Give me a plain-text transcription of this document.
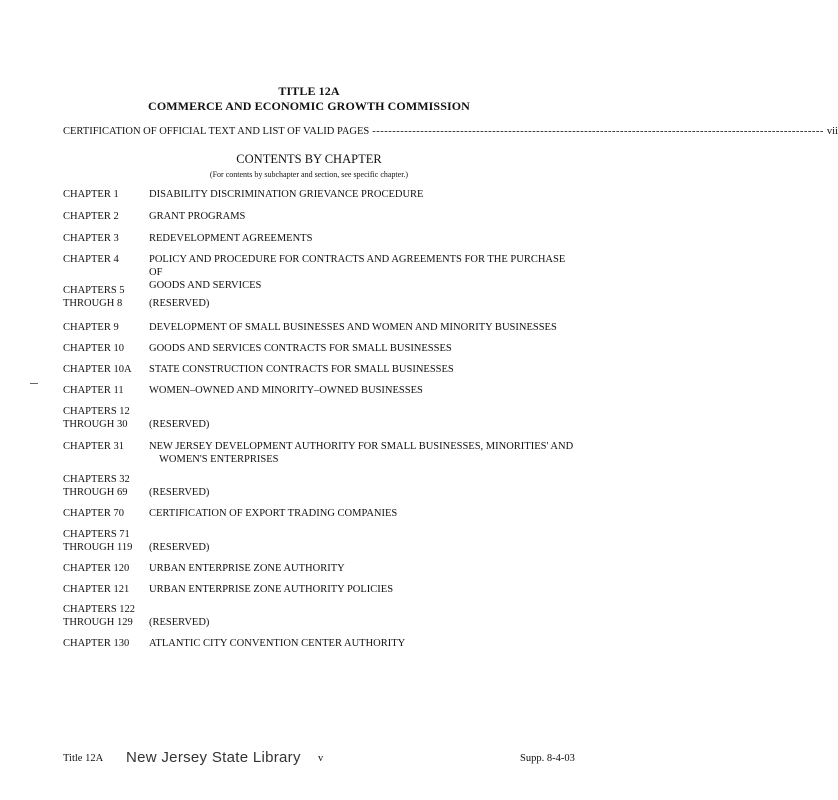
TITLE 12A
COMMERCE AND ECONOMIC GROWTH COMMISSION
CERTIFICATION OF OFFICIAL TEXT AND LIST OF VALID PAGES ----------------------------------------------------------------------------------------------------------------- vii
CONTENTS BY CHAPTER
(For contents by subchapter and section, see specific chapter.)
CHAPTER 1	DISABILITY DISCRIMINATION GRIEVANCE PROCEDURE
CHAPTER 2	GRANT PROGRAMS
CHAPTER 3	REDEVELOPMENT AGREEMENTS
CHAPTER 4	POLICY AND PROCEDURE FOR CONTRACTS AND AGREEMENTS FOR THE PURCHASE OF
GOODS AND SERVICES
CHAPTERS 5
THROUGH 8	(RESERVED)
CHAPTER 9	DEVELOPMENT OF SMALL BUSINESSES AND WOMEN AND MINORITY BUSINESSES
CHAPTER 10	GOODS AND SERVICES CONTRACTS FOR SMALL BUSINESSES
CHAPTER 10A	STATE CONSTRUCTION CONTRACTS FOR SMALL BUSINESSES
CHAPTER 11	WOMEN–OWNED AND MINORITY–OWNED BUSINESSES
CHAPTERS 12
THROUGH 30	(RESERVED)
CHAPTER 31	NEW JERSEY DEVELOPMENT AUTHORITY FOR SMALL BUSINESSES, MINORITIES' AND
WOMEN'S ENTERPRISES
CHAPTERS 32
THROUGH 69	(RESERVED)
CHAPTER 70	CERTIFICATION OF EXPORT TRADING COMPANIES
CHAPTERS 71
THROUGH 119	(RESERVED)
CHAPTER 120	URBAN ENTERPRISE ZONE AUTHORITY
CHAPTER 121	URBAN ENTERPRISE ZONE AUTHORITY POLICIES
CHAPTERS 122
THROUGH 129	(RESERVED)
CHAPTER 130	ATLANTIC CITY CONVENTION CENTER AUTHORITY
Title 12A New Jersey State Library v	Supp. 8-4-03
